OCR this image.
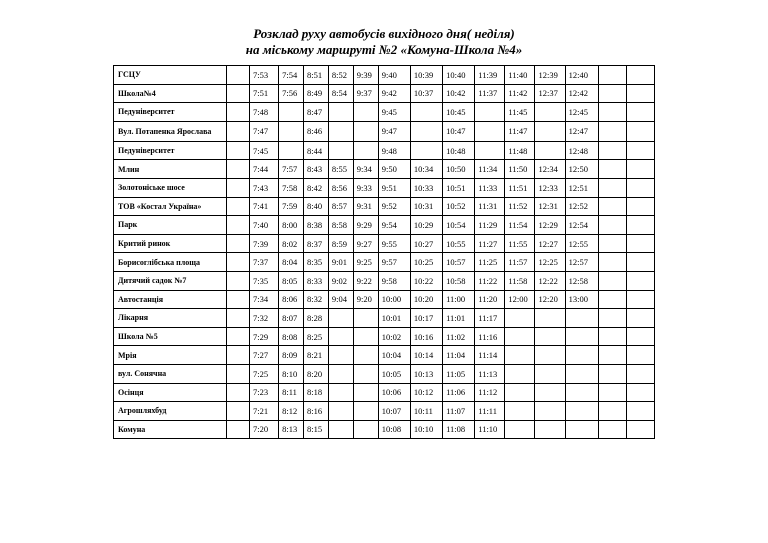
Розклад руху автобусів вихідного дня( неділя)
на міському маршруті №2 «Комуна-Школа №4»
ГСЦУ		7:53	7:54	8:51	8:52	9:39	9:40	10:39	10:40	11:39	11:40	12:39	12:40		
Школа№4		7:51	7:56	8:49	8:54	9:37	9:42	10:37	10:42	11:37	11:42	12:37	12:42		
Педуніверситет		7:48		8:47			9:45		10:45		11:45		12:45		
Вул. Потапенка Ярослава		7:47		8:46			9:47		10:47		11:47		12:47		
Педуніверситет		7:45		8:44			9:48		10:48		11:48		12:48		
Млин		7:44	7:57	8:43	8:55	9:34	9:50	10:34	10:50	11:34	11:50	12:34	12:50		
Золотоніське шосе		7:43	7:58	8:42	8:56	9:33	9:51	10:33	10:51	11:33	11:51	12:33	12:51		
ТОВ «Костал Україна»		7:41	7:59	8:40	8:57	9:31	9:52	10:31	10:52	11:31	11:52	12:31	12:52		
Парк		7:40	8:00	8:38	8:58	9:29	9:54	10:29	10:54	11:29	11:54	12:29	12:54		
Критий ринок		7:39	8:02	8:37	8:59	9:27	9:55	10:27	10:55	11:27	11:55	12:27	12:55		
Борисоглібська площа		7:37	8:04	8:35	9:01	9:25	9:57	10:25	10:57	11:25	11:57	12:25	12:57		
Дитячий садок №7		7:35	8:05	8:33	9:02	9:22	9:58	10:22	10:58	11:22	11:58	12:22	12:58		
Автостанція		7:34	8:06	8:32	9:04	9:20	10:00	10:20	11:00	11:20	12:00	12:20	13:00		
Лікарня		7:32	8:07	8:28			10:01	10:17	11:01	11:17					
Школа №5		7:29	8:08	8:25			10:02	10:16	11:02	11:16					
Мрія		7:27	8:09	8:21			10:04	10:14	11:04	11:14					
вул. Сонячна		7:25	8:10	8:20			10:05	10:13	11:05	11:13					
Осінця		7:23	8:11	8:18			10:06	10:12	11:06	11:12					
Агрошляхбуд		7:21	8:12	8:16			10:07	10:11	11:07	11:11					
Комуна		7:20	8:13	8:15			10:08	10:10	11:08	11:10					
